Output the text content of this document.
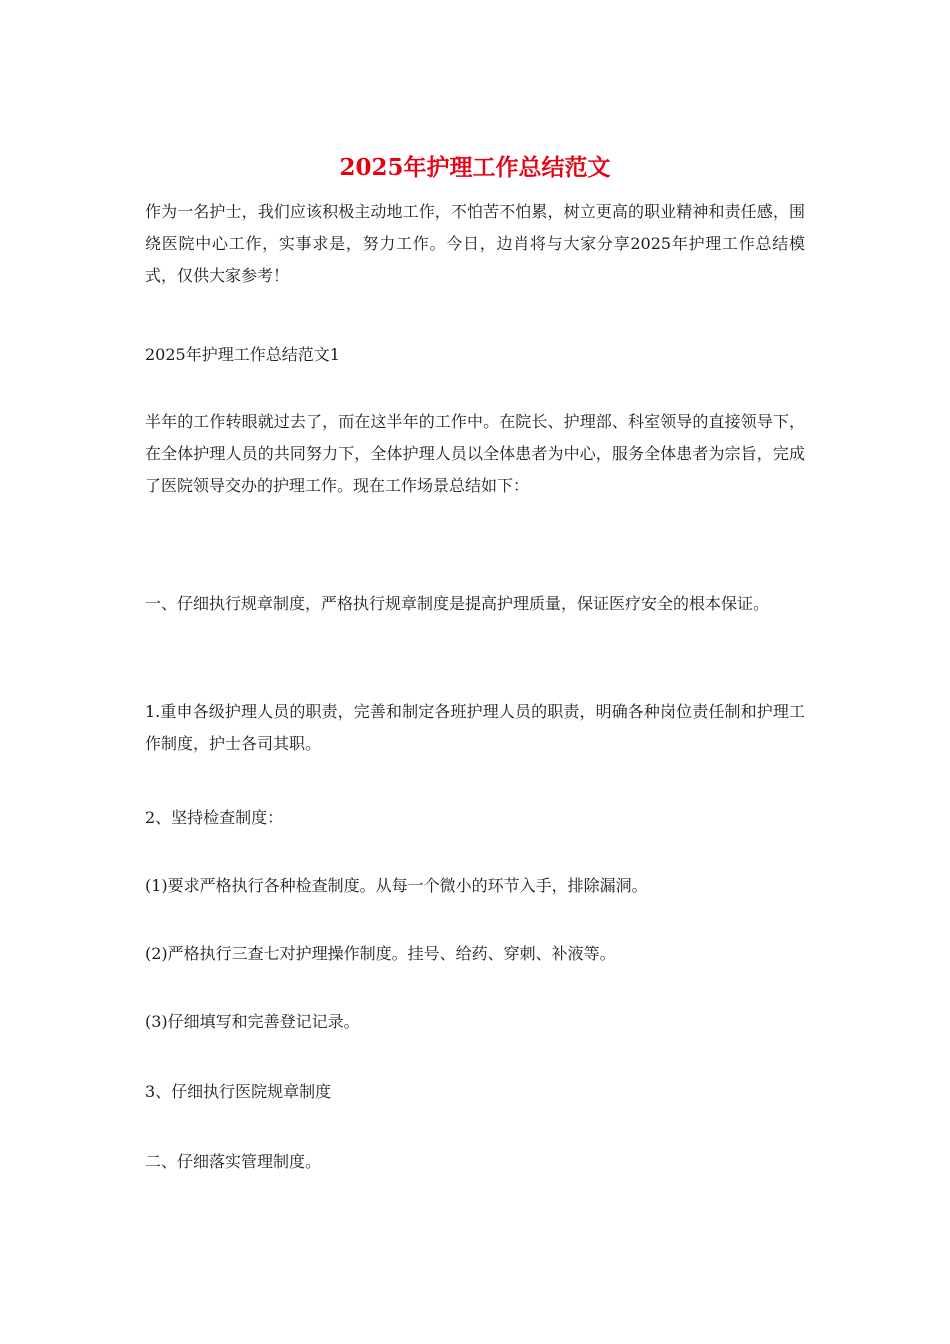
2025年护理工作总结范文

作为一名护士，我们应该积极主动地工作，不怕苦不怕累，树立更高的职业精神和责任感，围绕医院中心工作，实事求是，努力工作。今日，边肖将与大家分享2025年护理工作总结模式，仅供大家参考！

2025年护理工作总结范文1

半年的工作转眼就过去了，而在这半年的工作中。在院长、护理部、科室领导的直接领导下，在全体护理人员的共同努力下，全体护理人员以全体患者为中心，服务全体患者为宗旨，完成了医院领导交办的护理工作。现在工作场景总结如下：

一、仔细执行规章制度，严格执行规章制度是提高护理质量，保证医疗安全的根本保证。

1.重申各级护理人员的职责，完善和制定各班护理人员的职责，明确各种岗位责任制和护理工作制度，护士各司其职。

2、坚持检查制度：

(1)要求严格执行各种检查制度。从每一个微小的环节入手，排除漏洞。

(2)严格执行三查七对护理操作制度。挂号、给药、穿刺、补液等。

(3)仔细填写和完善登记记录。

3、仔细执行医院规章制度

二、仔细落实管理制度。
